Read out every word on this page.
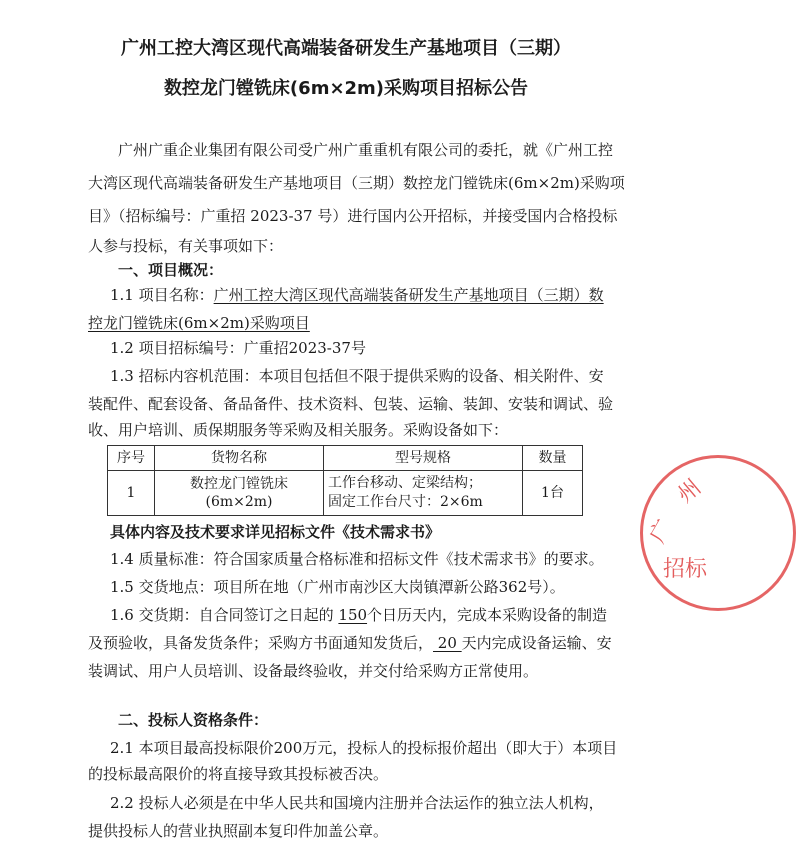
广州工控大湾区现代高端装备研发生产基地项目（三期）
数控龙门镗铣床(6m×2m)采购项目招标公告
广州广重企业集团有限公司受广州广重重机有限公司的委托，就《广州工控
大湾区现代高端装备研发生产基地项目（三期）数控龙门镗铣床(6m×2m)采购项
目》（招标编号：广重招 2023-37 号）进行国内公开招标，并接受国内合格投标
人参与投标，有关事项如下：
一、项目概况：
1.1 项目名称：广州工控大湾区现代高端装备研发生产基地项目（三期）数
控龙门镗铣床(6m×2m)采购项目
1.2 项目招标编号：广重招2023-37号
1.3 招标内容机范围：本项目包括但不限于提供采购的设备、相关附件、安
装配件、配套设备、备品备件、技术资料、包装、运输、装卸、安装和调试、验
收、用户培训、质保期服务等采购及相关服务。采购设备如下：
序号	货物名称	型号规格	数量
1	数控龙门镗铣床(6m×2m)	工作台移动、定梁结构；
固定工作台尺寸：2×6m	1台
具体内容及技术要求详见招标文件《技术需求书》
1.4 质量标准：符合国家质量合格标准和招标文件《技术需求书》的要求。
1.5 交货地点：项目所在地（广州市南沙区大岗镇潭新公路362号）。
1.6 交货期：自合同签订之日起的 150个日历天内，完成本采购设备的制造
及预验收，具备发货条件；采购方书面通知发货后， 20 天内完成设备运输、安
装调试、用户人员培训、设备最终验收，并交付给采购方正常使用。
二、投标人资格条件：
2.1 本项目最高投标限价200万元，投标人的投标报价超出（即大于）本项目
的投标最高限价的将直接导致其投标被否决。
2.2 投标人必须是在中华人民共和国境内注册并合法运作的独立法人机构，
提供投标人的营业执照副本复印件加盖公章。
广
州
招标
